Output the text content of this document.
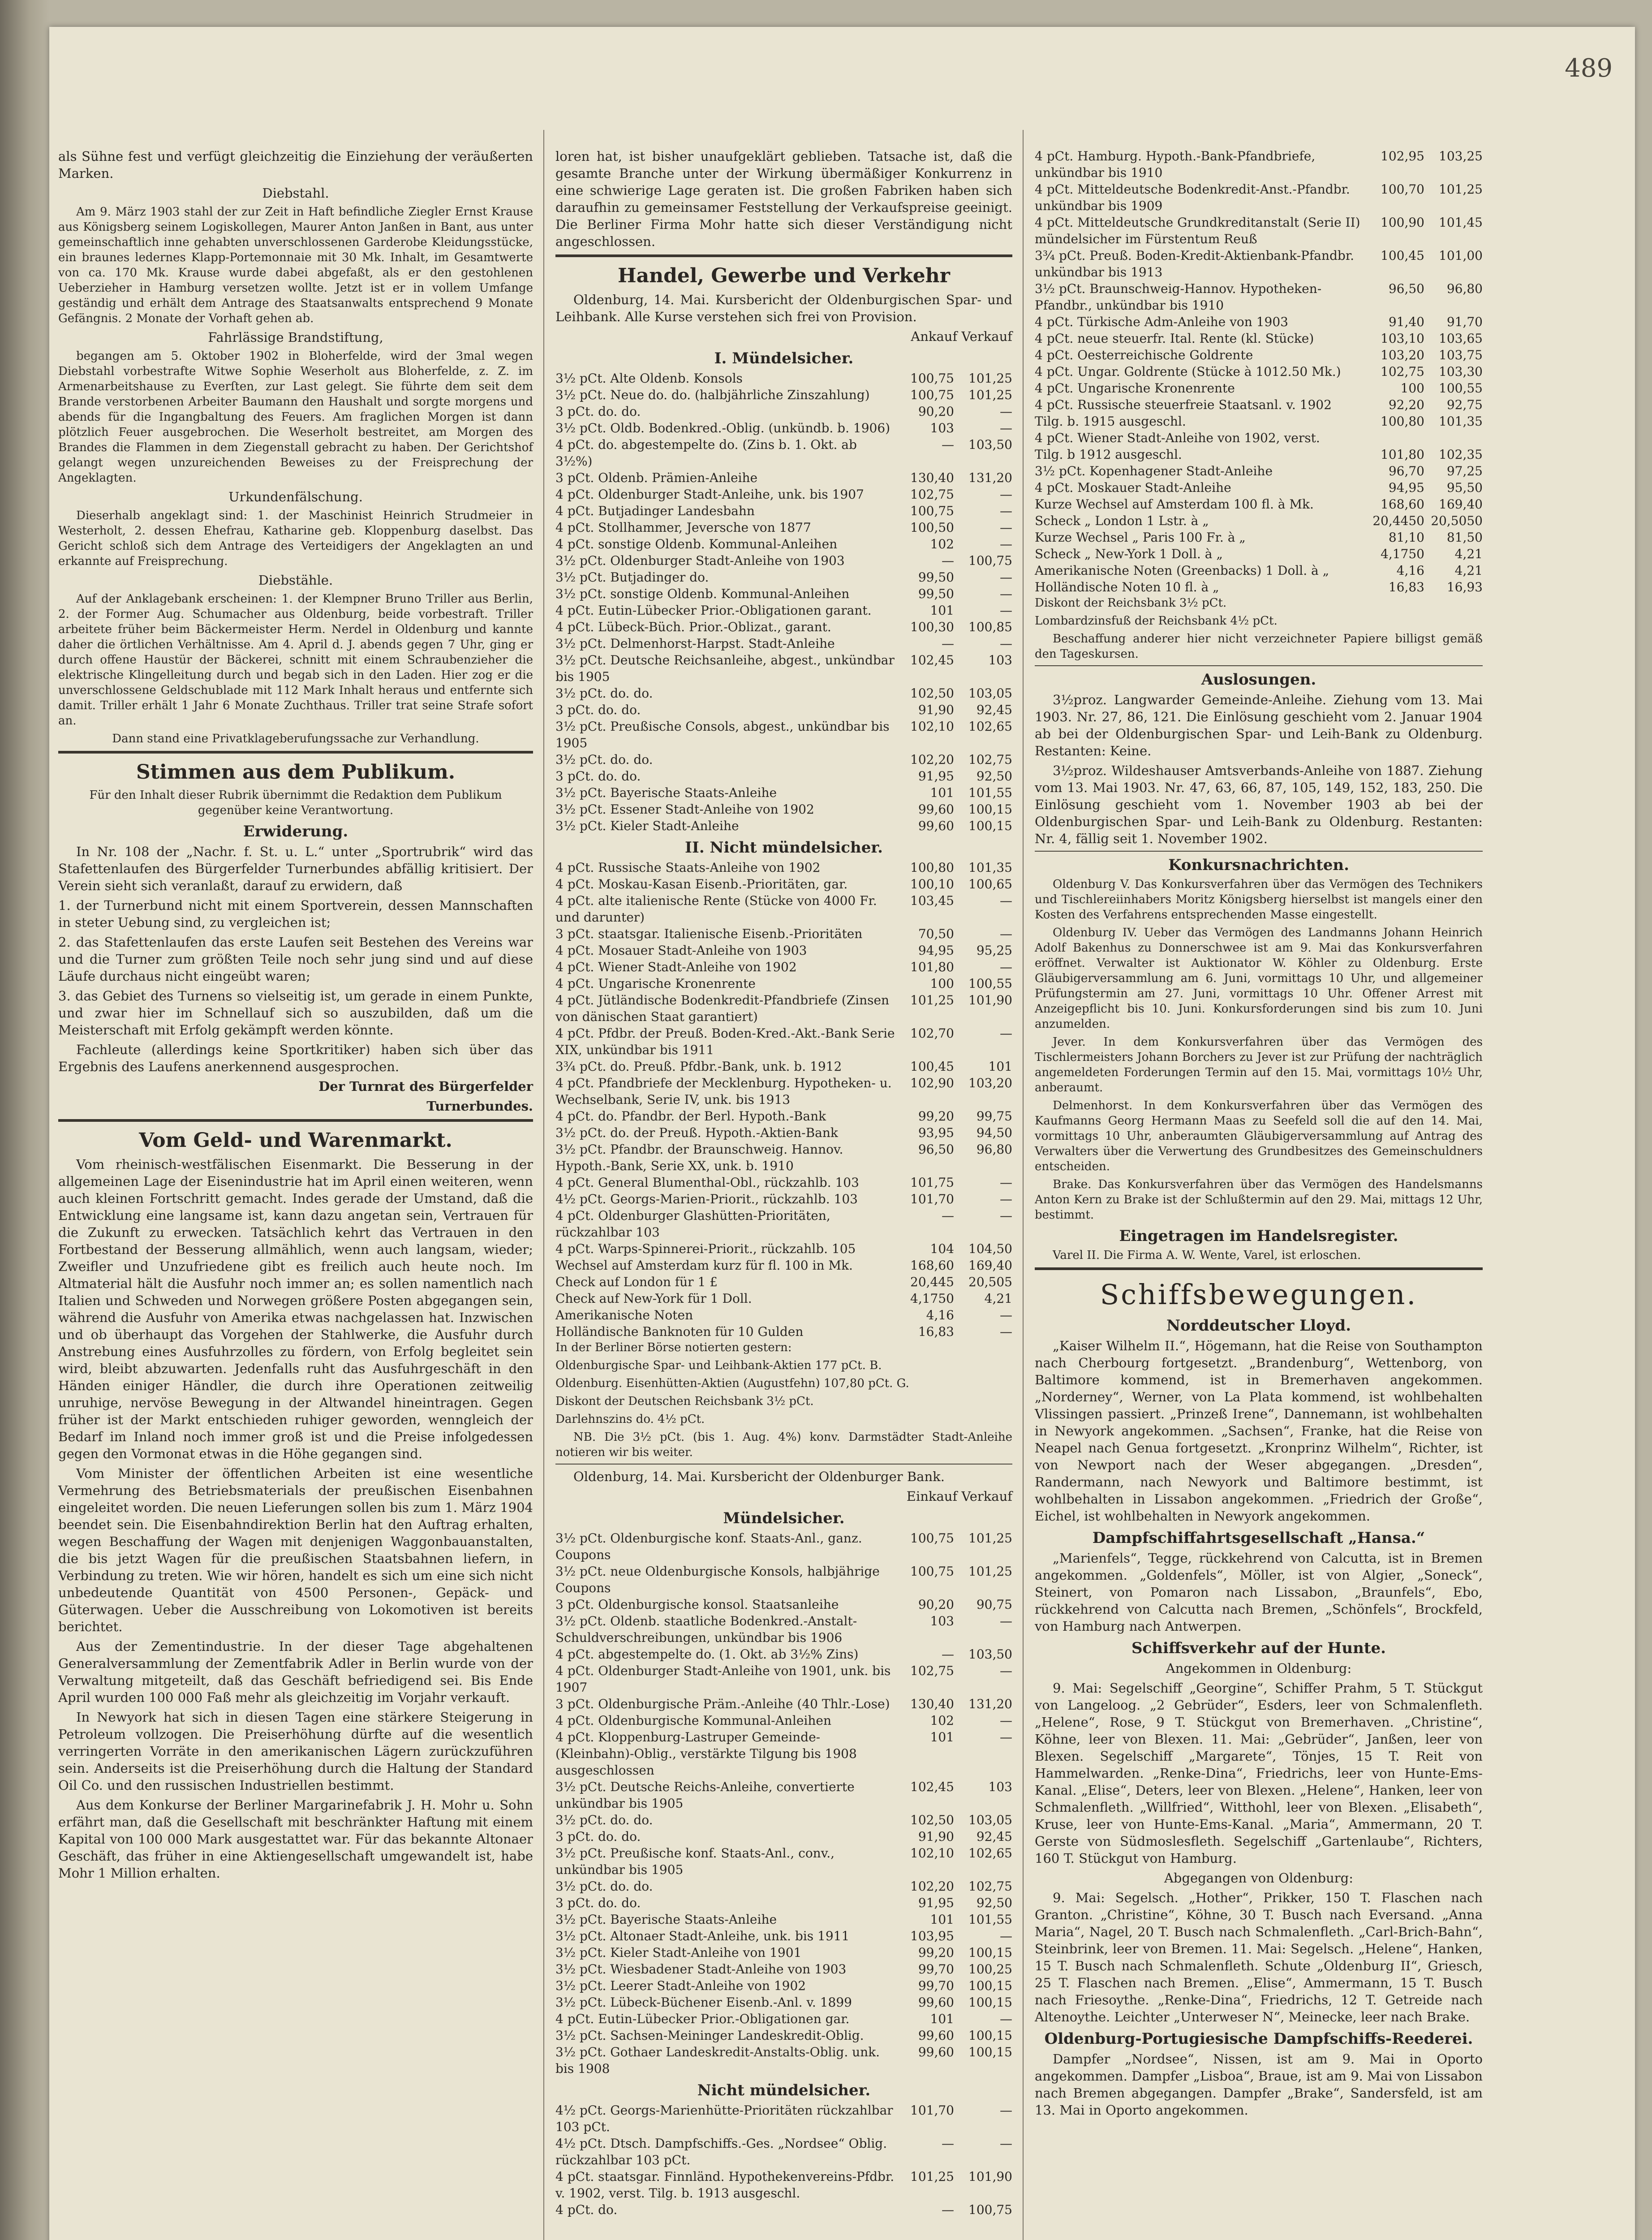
489

als Sühne fest und verfügt gleichzeitig die Einziehung der veräußerten Marken.

Diebstahl.

Am 9. März 1903 stahl der zur Zeit in Haft befindliche Ziegler Ernst Krause aus Königsberg seinem Logiskollegen, Maurer Anton Janßen in Bant, aus unter gemeinschaftlich inne gehabten unverschlossenen Garderobe Kleidungsstücke, ein braunes ledernes Klapp-Portemonnaie mit 30 Mk. Inhalt, im Gesamtwerte von ca. 170 Mk. Krause wurde dabei abgefaßt, als er den gestohlenen Ueberzieher in Hamburg versetzen wollte. Jetzt ist er in vollem Umfange geständig und erhält dem Antrage des Staatsanwalts entsprechend 9 Monate Gefängnis. 2 Monate der Vorhaft gehen ab.

Fahrlässige Brandstiftung,

begangen am 5. Oktober 1902 in Bloherfelde, wird der 3mal wegen Diebstahl vorbestrafte Witwe Sophie Weserholt aus Bloherfelde, z. Z. im Armenarbeitshause zu Everſten, zur Last gelegt. Sie führte dem seit dem Brande verstorbenen Arbeiter Baumann den Haushalt und sorgte morgens und abends für die Ingangbaltung des Feuers. Am fraglichen Morgen ist dann plötzlich Feuer ausgebrochen. Die Weserholt bestreitet, am Morgen des Brandes die Flammen in dem Ziegenstall gebracht zu haben. Der Gerichtshof gelangt wegen unzureichenden Beweises zu der Freisprechung der Angeklagten.

Urkundenfälschung.

Dieserhalb angeklagt sind: 1. der Maschinist Heinrich Strudmeier in Westerholt, 2. dessen Ehefrau, Katharine geb. Kloppenburg daselbst. Das Gericht schloß sich dem Antrage des Verteidigers der Angeklagten an und erkannte auf Freisprechung.

Diebstähle.

Auf der Anklagebank erscheinen: 1. der Klempner Bruno Triller aus Berlin, 2. der Former Aug. Schumacher aus Oldenburg, beide vorbestraft. Triller arbeitete früher beim Bäckermeister Herm. Nerdel in Oldenburg und kannte daher die örtlichen Verhältnisse. Am 4. April d. J. abends gegen 7 Uhr, ging er durch offene Haustür der Bäckerei, schnitt mit einem Schraubenzieher die elektrische Klingelleitung durch und begab sich in den Laden. Hier zog er die unverschlossene Geldschublade mit 112 Mark Inhalt heraus und entfernte sich damit. Triller erhält 1 Jahr 6 Monate Zuchthaus. Triller trat seine Strafe sofort an.

Dann stand eine Privatklageberufungssache zur Verhandlung.

Stimmen aus dem Publikum.

Für den Inhalt dieser Rubrik übernimmt die Redaktion dem Publikum gegenüber keine Verantwortung.

Erwiderung.

In Nr. 108 der „Nachr. f. St. u. L.“ unter „Sportrubrik“ wird das Stafettenlaufen des Bürgerfelder Turnerbundes abfällig kritisiert. Der Verein sieht sich veranlaßt, darauf zu erwidern, daß

1. der Turnerbund nicht mit einem Sportverein, dessen Mannschaften in steter Uebung sind, zu vergleichen ist;

2. das Stafettenlaufen das erste Laufen seit Bestehen des Vereins war und die Turner zum größten Teile noch sehr jung sind und auf diese Läufe durchaus nicht eingeübt waren;

3. das Gebiet des Turnens so vielseitig ist, um gerade in einem Punkte, und zwar hier im Schnellauf sich so auszubilden, daß um die Meisterschaft mit Erfolg gekämpft werden könnte.

Fachleute (allerdings keine Sportkritiker) haben sich über das Ergebnis des Laufens anerkennend ausgesprochen.

Der Turnrat des Bürgerfelder

Turnerbundes.

Vom Geld- und Warenmarkt.

Vom rheinisch-westfälischen Eisenmarkt. Die Besserung in der allgemeinen Lage der Eisenindustrie hat im April einen weiteren, wenn auch kleinen Fortschritt gemacht. Indes gerade der Umstand, daß die Entwicklung eine langsame ist, kann dazu angetan sein, Vertrauen für die Zukunft zu erwecken. Tatsächlich kehrt das Vertrauen in den Fortbestand der Besserung allmählich, wenn auch langsam, wieder; Zweifler und Unzufriedene gibt es freilich auch heute noch. Im Altmaterial hält die Ausfuhr noch immer an; es sollen namentlich nach Italien und Schweden und Norwegen größere Posten abgegangen sein, während die Ausfuhr von Amerika etwas nachgelassen hat. Inzwischen und ob überhaupt das Vorgehen der Stahlwerke, die Ausfuhr durch Anstrebung eines Ausfuhrzolles zu fördern, von Erfolg begleitet sein wird, bleibt abzuwarten. Jedenfalls ruht das Ausfuhrgeschäft in den Händen einiger Händler, die durch ihre Operationen zeitweilig unruhige, nervöse Bewegung in der Altwandel hineintragen. Gegen früher ist der Markt entschieden ruhiger geworden, wenngleich der Bedarf im Inland noch immer groß ist und die Preise infolgedessen gegen den Vormonat etwas in die Höhe gegangen sind.

Vom Minister der öffentlichen Arbeiten ist eine wesentliche Vermehrung des Betriebsmaterials der preußischen Eisenbahnen eingeleitet worden. Die neuen Lieferungen sollen bis zum 1. März 1904 beendet sein. Die Eisenbahndirektion Berlin hat den Auftrag erhalten, wegen Beschaffung der Wagen mit denjenigen Waggonbauanstalten, die bis jetzt Wagen für die preußischen Staatsbahnen liefern, in Verbindung zu treten. Wie wir hören, handelt es sich um eine sich nicht unbedeutende Quantität von 4500 Personen-, Gepäck- und Güterwagen. Ueber die Ausschreibung von Lokomotiven ist bereits berichtet.

Aus der Zementindustrie. In der dieser Tage abgehaltenen Generalversammlung der Zementfabrik Adler in Berlin wurde von der Verwaltung mitgeteilt, daß das Geschäft befriedigend sei. Bis Ende April wurden 100 000 Faß mehr als gleichzeitig im Vorjahr verkauft.

In Newyork hat sich in diesen Tagen eine stärkere Steigerung in Petroleum vollzogen. Die Preiserhöhung dürfte auf die wesentlich verringerten Vorräte in den amerikanischen Lägern zurückzuführen sein. Anderseits ist die Preiserhöhung durch die Haltung der Standard Oil Co. und den russischen Industriellen bestimmt.

Aus dem Konkurse der Berliner Margarinefabrik J. H. Mohr u. Sohn erfährt man, daß die Gesellschaft mit beschränkter Haftung mit einem Kapital von 100 000 Mark ausgestattet war. Für das bekannte Altonaer Geschäft, das früher in eine Aktiengesellschaft umgewandelt ist, habe Mohr 1 Million erhalten.

loren hat, ist bisher unaufgeklärt geblieben. Tatsache ist, daß die gesamte Branche unter der Wirkung übermäßiger Konkurrenz in eine schwierige Lage geraten ist. Die großen Fabriken haben sich daraufhin zu gemeinsamer Feststellung der Verkaufspreise geeinigt. Die Berliner Firma Mohr hatte sich dieser Verständigung nicht angeschlossen.

Handel, Gewerbe und Verkehr

Oldenburg, 14. Mai. Kursbericht der Oldenburgischen Spar- und Leihbank. Alle Kurse verstehen sich frei von Provision.

Ankauf Verkauf

I. Mündelsicher.
3½ pCt. Alte Oldenb. Konsols	100,75	101,25
3½ pCt. Neue do. do. (halbjährliche Zinszahlung)	100,75	101,25
3 pCt. do. do.	90,20	—
3½ pCt. Oldb. Bodenkred.-Oblig. (unkündb. b. 1906)	103	—
4 pCt. do. abgestempelte do. (Zins b. 1. Okt. ab 3½%)	—	103,50
3 pCt. Oldenb. Prämien-Anleihe	130,40	131,20
4 pCt. Oldenburger Stadt-Anleihe, unk. bis 1907	102,75	—
4 pCt. Butjadinger Landesbahn	100,75	—
4 pCt. Stollhammer, Jeversche von 1877	100,50	—
4 pCt. sonstige Oldenb. Kommunal-Anleihen	102	—
3½ pCt. Oldenburger Stadt-Anleihe von 1903	—	100,75
3½ pCt. Butjadinger do.	99,50	—
3½ pCt. sonstige Oldenb. Kommunal-Anleihen	99,50	—
4 pCt. Eutin-Lübecker Prior.-Obligationen garant.	101	—
4 pCt. Lübeck-Büch. Prior.-Oblizat., garant.	100,30	100,85
3½ pCt. Delmenhorst-Harpst. Stadt-Anleihe	—	—
3½ pCt. Deutsche Reichsanleihe, abgest., unkündbar bis 1905	102,45	103
3½ pCt. do. do.	102,50	103,05
3 pCt. do. do.	91,90	92,45
3½ pCt. Preußische Consols, abgest., unkündbar bis 1905	102,10	102,65
3½ pCt. do. do.	102,20	102,75
3 pCt. do. do.	91,95	92,50
3½ pCt. Bayerische Staats-Anleihe	101	101,55
3½ pCt. Essener Stadt-Anleihe von 1902	99,60	100,15
3½ pCt. Kieler Stadt-Anleihe	99,60	100,15
II. Nicht mündelsicher.
4 pCt. Russische Staats-Anleihe von 1902	100,80	101,35
4 pCt. Moskau-Kasan Eisenb.-Prioritäten, gar.	100,10	100,65
4 pCt. alte italienische Rente (Stücke von 4000 Fr. und darunter)	103,45	—
3 pCt. staatsgar. Italienische Eisenb.-Prioritäten	70,50	—
4 pCt. Mosauer Stadt-Anleihe von 1903	94,95	95,25
4 pCt. Wiener Stadt-Anleihe von 1902	101,80	—
4 pCt. Ungarische Kronenrente	100	100,55
4 pCt. Jütländische Bodenkredit-Pfandbriefe (Zinsen von dänischen Staat garantiert)	101,25	101,90
4 pCt. Pfdbr. der Preuß. Boden-Kred.-Akt.-Bank Serie XIX, unkündbar bis 1911	102,70	—
3¾ pCt. do. Preuß. Pfdbr.-Bank, unk. b. 1912	100,45	101
4 pCt. Pfandbriefe der Mecklenburg. Hypotheken- u. Wechselbank, Serie IV, unk. bis 1913	102,90	103,20
4 pCt. do. Pfandbr. der Berl. Hypoth.-Bank	99,20	99,75
3½ pCt. do. der Preuß. Hypoth.-Aktien-Bank	93,95	94,50
3½ pCt. Pfandbr. der Braunschweig. Hannov. Hypoth.-Bank, Serie XX, unk. b. 1910	96,50	96,80
4 pCt. General Blumenthal-Obl., rückzahlb. 103	101,75	—
4½ pCt. Georgs-Marien-Priorit., rückzahlb. 103	101,70	—
4 pCt. Oldenburger Glashütten-Prioritäten, rückzahlbar 103	—	—
4 pCt. Warps-Spinnerei-Priorit., rückzahlb. 105	104	104,50
Wechsel auf Amsterdam kurz für fl. 100 in Mk.	168,60	169,40
Check auf London für 1 £	20,445	20,505
Check auf New-York für 1 Doll.	4,1750	4,21
Amerikanische Noten	4,16	—
Holländische Banknoten für 10 Gulden	16,83	—

In der Berliner Börse notierten gestern:

Oldenburgische Spar- und Leihbank-Aktien 177 pCt. B.

Oldenburg. Eisenhütten-Aktien (Augustfehn) 107,80 pCt. G.

Diskont der Deutschen Reichsbank 3½ pCt.

Darlehnszins do. 4½ pCt.

NB. Die 3½ pCt. (bis 1. Aug. 4%) konv. Darmstädter Stadt-Anleihe notieren wir bis weiter.

Oldenburg, 14. Mai. Kursbericht der Oldenburger Bank.

Einkauf Verkauf

Mündelsicher.
3½ pCt. Oldenburgische konf. Staats-Anl., ganz. Coupons	100,75	101,25
3½ pCt. neue Oldenburgische Konsols, halbjährige Coupons	100,75	101,25
3 pCt. Oldenburgische konsol. Staatsanleihe	90,20	90,75
3½ pCt. Oldenb. staatliche Bodenkred.-Anstalt-Schuldverschreibungen, unkündbar bis 1906	103	—
4 pCt. abgestempelte do. (1. Okt. ab 3½% Zins)	—	103,50
4 pCt. Oldenburger Stadt-Anleihe von 1901, unk. bis 1907	102,75	—
3 pCt. Oldenburgische Präm.-Anleihe (40 Thlr.-Lose)	130,40	131,20
4 pCt. Oldenburgische Kommunal-Anleihen	102	—
4 pCt. Kloppenburg-Lastruper Gemeinde-(Kleinbahn)-Oblig., verstärkte Tilgung bis 1908 ausgeschlossen	101	—
3½ pCt. Deutsche Reichs-Anleihe, convertierte unkündbar bis 1905	102,45	103
3½ pCt. do. do.	102,50	103,05
3 pCt. do. do.	91,90	92,45
3½ pCt. Preußische konf. Staats-Anl., conv., unkündbar bis 1905	102,10	102,65
3½ pCt. do. do.	102,20	102,75
3 pCt. do. do.	91,95	92,50
3½ pCt. Bayerische Staats-Anleihe	101	101,55
3½ pCt. Altonaer Stadt-Anleihe, unk. bis 1911	103,95	—
3½ pCt. Kieler Stadt-Anleihe von 1901	99,20	100,15
3½ pCt. Wiesbadener Stadt-Anleihe von 1903	99,70	100,25
3½ pCt. Leerer Stadt-Anleihe von 1902	99,70	100,15
3½ pCt. Lübeck-Büchener Eisenb.-Anl. v. 1899	99,60	100,15
4 pCt. Eutin-Lübecker Prior.-Obligationen gar.	101	—
3½ pCt. Sachsen-Meininger Landeskredit-Oblig.	99,60	100,15
3½ pCt. Gothaer Landeskredit-Anstalts-Oblig. unk. bis 1908	99,60	100,15
Nicht mündelsicher.
4½ pCt. Georgs-Marienhütte-Prioritäten rückzahlbar 103 pCt.	101,70	—
4½ pCt. Dtsch. Dampfschiffs.-Ges. „Nordsee“ Oblig. rückzahlbar 103 pCt.	—	—
4 pCt. staatsgar. Finnländ. Hypothekenvereins-Pfdbr. v. 1902, verst. Tilg. b. 1913 ausgeschl.	101,25	101,90
4 pCt. do.	—	100,75
4 pCt. Hamburg. Hypoth.-Bank-Pfandbriefe, unkündbar bis 1910	102,95	103,25
4 pCt. Mitteldeutsche Bodenkredit-Anst.-Pfandbr. unkündbar bis 1909	100,70	101,25
4 pCt. Mitteldeutsche Grundkreditanstalt (Serie II) mündelsicher im Fürstentum Reuß	100,90	101,45
3¾ pCt. Preuß. Boden-Kredit-Aktienbank-Pfandbr. unkündbar bis 1913	100,45	101,00
3½ pCt. Braunschweig-Hannov. Hypotheken-Pfandbr., unkündbar bis 1910	96,50	96,80
4 pCt. Türkische Adm-Anleihe von 1903	91,40	91,70
4 pCt. neue steuerfr. Ital. Rente (kl. Stücke)	103,10	103,65
4 pCt. Oesterreichische Goldrente	103,20	103,75
4 pCt. Ungar. Goldrente (Stücke à 1012.50 Mk.)	102,75	103,30
4 pCt. Ungarische Kronenrente	100	100,55
4 pCt. Russische steuerfreie Staatsanl. v. 1902	92,20	92,75
Tilg. b. 1915 ausgeschl.	100,80	101,35
4 pCt. Wiener Stadt-Anleihe von 1902, verst.		
Tilg. b 1912 ausgeschl.	101,80	102,35
3½ pCt. Kopenhagener Stadt-Anleihe	96,70	97,25
4 pCt. Moskauer Stadt-Anleihe	94,95	95,50
Kurze Wechsel auf Amsterdam 100 fl. à Mk.	168,60	169,40
Scheck „ London 1 Lstr. à „	20,4450	20,5050
Kurze Wechsel „ Paris 100 Fr. à „	81,10	81,50
Scheck „ New-York 1 Doll. à „	4,1750	4,21
Amerikanische Noten (Greenbacks) 1 Doll. à „	4,16	4,21
Holländische Noten 10 fl. à „	16,83	16,93

Diskont der Reichsbank 3½ pCt.

Lombardzinsfuß der Reichsbank 4½ pCt.

Beschaffung anderer hier nicht verzeichneter Papiere billigst gemäß den Tageskursen.

Auslosungen.

3½proz. Langwarder Gemeinde-Anleihe. Ziehung vom 13. Mai 1903. Nr. 27, 86, 121. Die Einlösung geschieht vom 2. Januar 1904 ab bei der Oldenburgischen Spar- und Leih-Bank zu Oldenburg. Restanten: Keine.

3½proz. Wildeshauser Amtsverbands-Anleihe von 1887. Ziehung vom 13. Mai 1903. Nr. 47, 63, 66, 87, 105, 149, 152, 183, 250. Die Einlösung geschieht vom 1. November 1903 ab bei der Oldenburgischen Spar- und Leih-Bank zu Oldenburg. Restanten: Nr. 4, fällig seit 1. November 1902.

Konkursnachrichten.

Oldenburg V. Das Konkursverfahren über das Vermögen des Technikers und Tischlereiinhabers Moritz Königsberg hierselbst ist mangels einer den Kosten des Verfahrens entsprechenden Masse eingestellt.

Oldenburg IV. Ueber das Vermögen des Landmanns Johann Heinrich Adolf Bakenhus zu Donnerschwee ist am 9. Mai das Konkursverfahren eröffnet. Verwalter ist Auktionator W. Köhler zu Oldenburg. Erste Gläubigerversammlung am 6. Juni, vormittags 10 Uhr, und allgemeiner Prüfungstermin am 27. Juni, vormittags 10 Uhr. Offener Arrest mit Anzeigepflicht bis 10. Juni. Konkursforderungen sind bis zum 10. Juni anzumelden.

Jever. In dem Konkursverfahren über das Vermögen des Tischlermeisters Johann Borchers zu Jever ist zur Prüfung der nachträglich angemeldeten Forderungen Termin auf den 15. Mai, vormittags 10½ Uhr, anberaumt.

Delmenhorst. In dem Konkursverfahren über das Vermögen des Kaufmanns Georg Hermann Maas zu Seefeld soll die auf den 14. Mai, vormittags 10 Uhr, anberaumten Gläubigerversammlung auf Antrag des Verwalters über die Verwertung des Grundbesitzes des Gemeinschuldners entscheiden.

Brake. Das Konkursverfahren über das Vermögen des Handelsmanns Anton Kern zu Brake ist der Schlußtermin auf den 29. Mai, mittags 12 Uhr, bestimmt.

Eingetragen im Handelsregister.

Varel II. Die Firma A. W. Wente, Varel, ist erloschen.

Schiffsbewegungen.
Norddeutscher Lloyd.

„Kaiser Wilhelm II.“, Högemann, hat die Reise von Southampton nach Cherbourg fortgesetzt. „Brandenburg“, Wettenborg, von Baltimore kommend, ist in Bremerhaven angekommen. „Norderney“, Werner, von La Plata kommend, ist wohlbehalten Vlissingen passiert. „Prinzeß Irene“, Dannemann, ist wohlbehalten in Newyork angekommen. „Sachsen“, Franke, hat die Reise von Neapel nach Genua fortgesetzt. „Kronprinz Wilhelm“, Richter, ist von Newport nach der Weser abgegangen. „Dresden“, Randermann, nach Newyork und Baltimore bestimmt, ist wohlbehalten in Lissabon angekommen. „Friedrich der Große“, Eichel, ist wohlbehalten in Newyork angekommen.

Dampfschiffahrtsgesellschaft „Hansa.“

„Marienfels“, Tegge, rückkehrend von Calcutta, ist in Bremen angekommen. „Goldenfels“, Möller, ist von Algier, „Soneck“, Steinert, von Pomaron nach Lissabon, „Braunfels“, Ebo, rückkehrend von Calcutta nach Bremen, „Schönfels“, Brockfeld, von Hamburg nach Antwerpen.

Schiffsverkehr auf der Hunte.

Angekommen in Oldenburg:

9. Mai: Segelschiff „Georgine“, Schiffer Prahm, 5 T. Stückgut von Langeloog. „2 Gebrüder“, Esders, leer von Schmalenfleth. „Helene“, Rose, 9 T. Stückgut von Bremerhaven. „Christine“, Köhne, leer von Blexen. 11. Mai: „Gebrüder“, Janßen, leer von Blexen. Segelschiff „Margarete“, Tönjes, 15 T. Reit von Hammelwarden. „Renke-Dina“, Friedrichs, leer von Hunte-Ems-Kanal. „Elise“, Deters, leer von Blexen. „Helene“, Hanken, leer von Schmalenfleth. „Willfried“, Witthohl, leer von Blexen. „Elisabeth“, Kruse, leer von Hunte-Ems-Kanal. „Maria“, Ammermann, 20 T. Gerste von Südmoslesfleth. Segelschiff „Gartenlaube“, Richters, 160 T. Stückgut von Hamburg.

Abgegangen von Oldenburg:

9. Mai: Segelsch. „Hother“, Prikker, 150 T. Flaschen nach Granton. „Christine“, Köhne, 30 T. Busch nach Eversand. „Anna Maria“, Nagel, 20 T. Busch nach Schmalenfleth. „Carl-Brich-Bahn“, Steinbrink, leer von Bremen. 11. Mai: Segelsch. „Helene“, Hanken, 15 T. Busch nach Schmalenfleth. Schute „Oldenburg II“, Griesch, 25 T. Flaschen nach Bremen. „Elise“, Ammermann, 15 T. Busch nach Friesoythe. „Renke-Dina“, Friedrichs, 12 T. Getreide nach Altenoythe. Leichter „Unterweser N“, Meinecke, leer nach Brake.

Oldenburg-Portugiesische Dampfschiffs-Reederei.

Dampfer „Nordsee“, Nissen, ist am 9. Mai in Oporto angekommen. Dampfer „Lisboa“, Braue, ist am 9. Mai von Lissabon nach Bremen abgegangen. Dampfer „Brake“, Sandersfeld, ist am 13. Mai in Oporto angekommen.
